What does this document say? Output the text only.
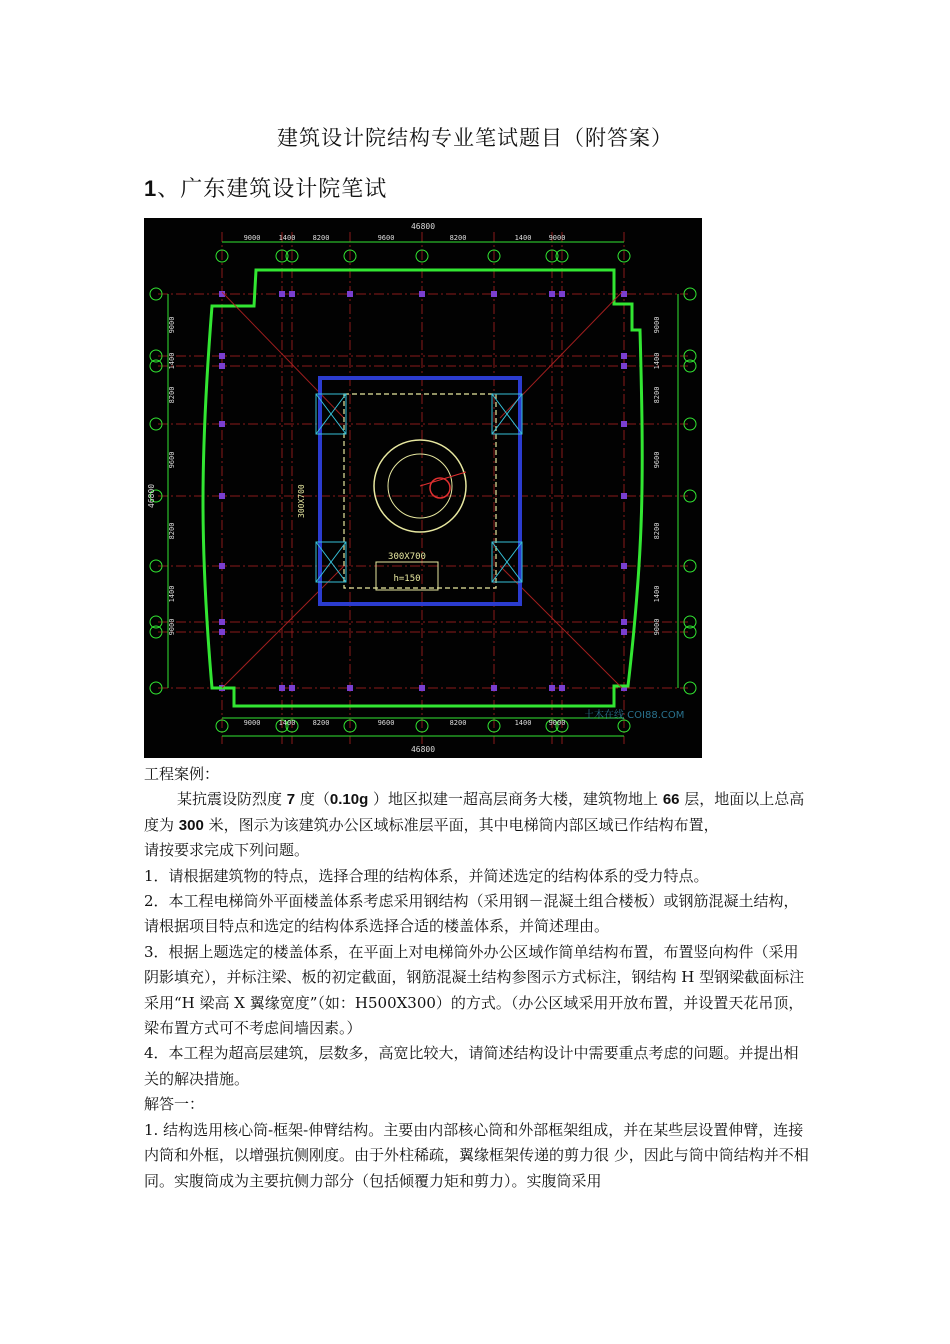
建筑设计院结构专业笔试题目（附答案）
1、广东建筑设计院笔试
300X700
h=150
300X700
46800
46800
9000	1400 8200	9600	8200	1400 9000
9000	1400 8200	9600	8200	1400 9000
9000
1400
8200
9600
8200
1400
9000
9000
1400
8200
9600
8200
1400
9000
46800
土木在线 COI88.COM

工程案例：

某抗震设防烈度 7 度（0.10g ）地区拟建一超高层商务大楼，建筑物地上 66 层，地面以上总高度为 300 米，图示为该建筑办公区域标准层平面，其中电梯筒内部区域已作结构布置，

请按要求完成下列问题。

1．请根据建筑物的特点，选择合理的结构体系，并简述选定的结构体系的受力特点。

2．本工程电梯筒外平面楼盖体系考虑采用钢结构（采用钢－混凝土组合楼板）或钢筋混凝土结构，请根据项目特点和选定的结构体系选择合适的楼盖体系，并简述理由。

3．根据上题选定的楼盖体系，在平面上对电梯筒外办公区域作简单结构布置，布置竖向构件（采用阴影填充），并标注梁、板的初定截面，钢筋混凝土结构参图示方式标注，钢结构 H 型钢梁截面标注采用“H 梁高 X 翼缘宽度”（如：H500X300）的方式。（办公区域采用开放布置，并设置天花吊顶，梁布置方式可不考虑间墙因素。）

4．本工程为超高层建筑，层数多，高宽比较大，请简述结构设计中需要重点考虑的问题。并提出相关的解决措施。

解答一：

1. 结构选用核心筒-框架-伸臂结构。主要由内部核心筒和外部框架组成，并在某些层设置伸臂，连接内筒和外框，以增强抗侧刚度。由于外柱稀疏，翼缘框架传递的剪力很 少，因此与筒中筒结构并不相同。实腹筒成为主要抗侧力部分（包括倾覆力矩和剪力）。实腹筒采用
